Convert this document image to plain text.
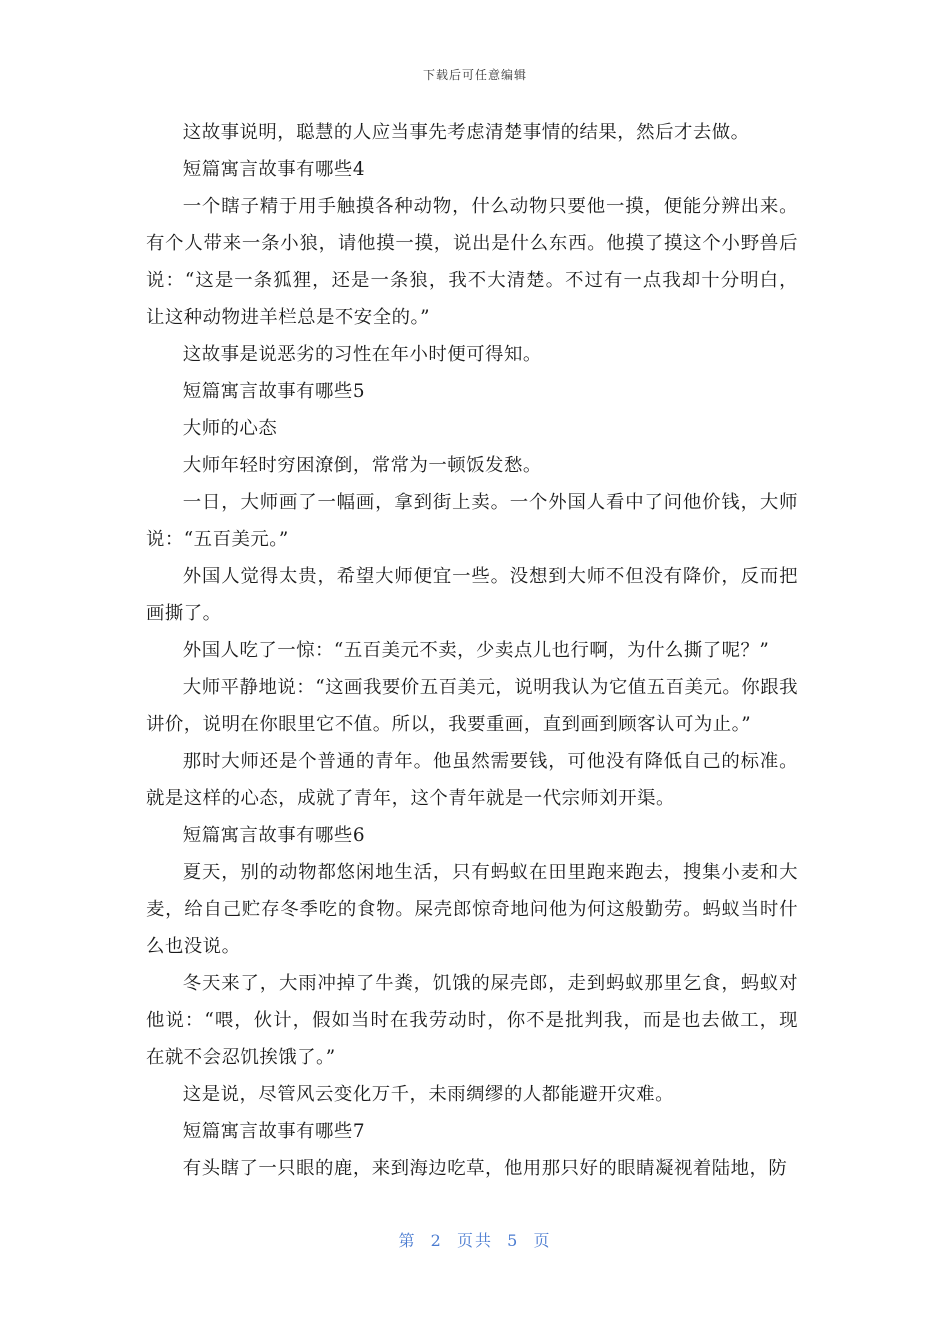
下载后可任意编辑

这故事说明，聪慧的人应当事先考虑清楚事情的结果，然后才去做。

短篇寓言故事有哪些4

一个瞎子精于用手触摸各种动物，什么动物只要他一摸，便能分辨出来。有个人带来一条小狼，请他摸一摸，说出是什么东西。他摸了摸这个小野兽后说：“这是一条狐狸，还是一条狼，我不大清楚。不过有一点我却十分明白，让这种动物进羊栏总是不安全的。”

这故事是说恶劣的习性在年小时便可得知。

短篇寓言故事有哪些5

大师的心态

大师年轻时穷困潦倒，常常为一顿饭发愁。

一日，大师画了一幅画，拿到街上卖。一个外国人看中了问他价钱，大师说：“五百美元。”

外国人觉得太贵，希望大师便宜一些。没想到大师不但没有降价，反而把画撕了。

外国人吃了一惊：“五百美元不卖，少卖点儿也行啊，为什么撕了呢？”

大师平静地说：“这画我要价五百美元，说明我认为它值五百美元。你跟我讲价，说明在你眼里它不值。所以，我要重画，直到画到顾客认可为止。”

那时大师还是个普通的青年。他虽然需要钱，可他没有降低自己的标准。就是这样的心态，成就了青年，这个青年就是一代宗师刘开渠。

短篇寓言故事有哪些6

夏天，别的动物都悠闲地生活，只有蚂蚁在田里跑来跑去，搜集小麦和大麦，给自己贮存冬季吃的食物。屎壳郎惊奇地问他为何这般勤劳。蚂蚁当时什么也没说。

冬天来了，大雨冲掉了牛粪，饥饿的屎壳郎，走到蚂蚁那里乞食，蚂蚁对他说：“喂，伙计，假如当时在我劳动时，你不是批判我，而是也去做工，现在就不会忍饥挨饿了。”

这是说，尽管风云变化万千，未雨绸缪的人都能避开灾难。

短篇寓言故事有哪些7

有头瞎了一只眼的鹿，来到海边吃草，他用那只好的眼睛凝视着陆地，防

第 2 页共 5 页
